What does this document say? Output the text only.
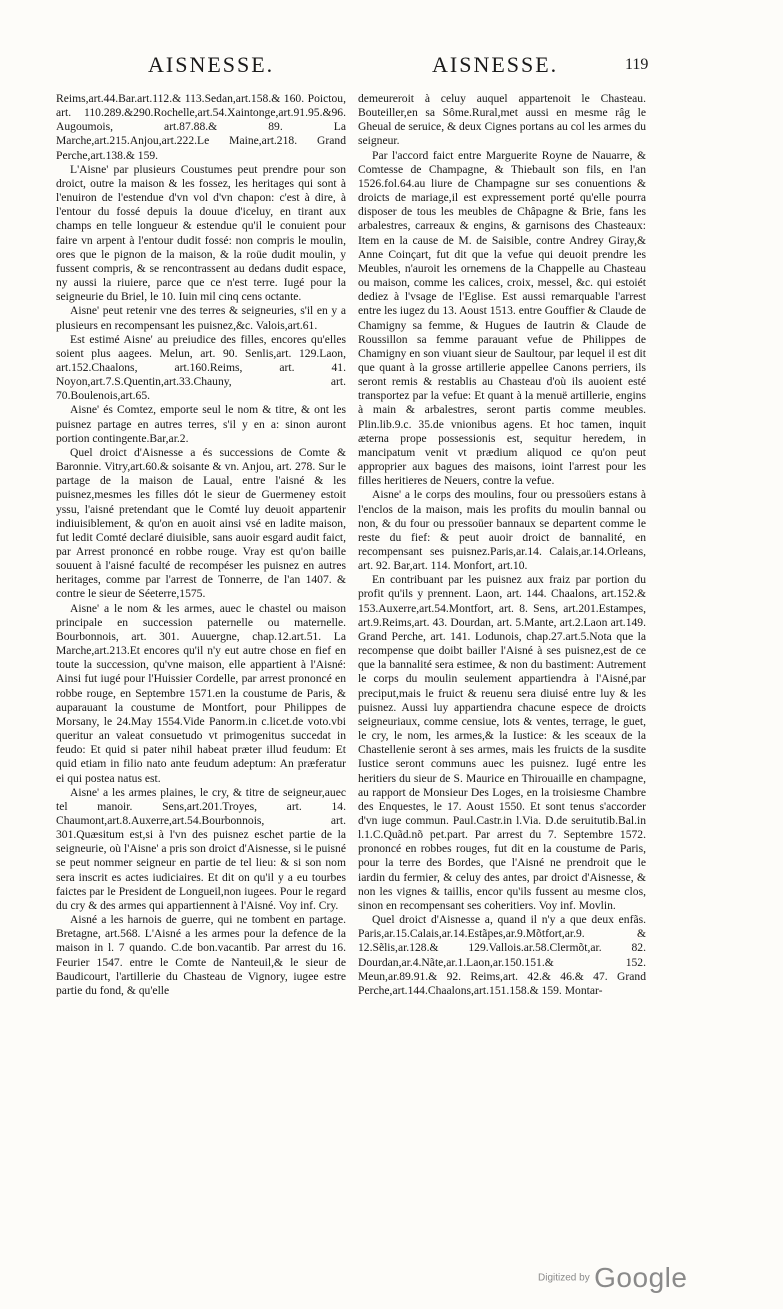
AISNESSE.	AISNESSE.	119

Reims,art.44.Bar.art.112.& 113.Sedan,art.158.& 160. Poictou, art. 110.289.&290.Rochelle,art.54.Xaintonge,art.91.95.&96. Augoumois, art.87.88.& 89. La Marche,art.215.Anjou,art.222.Le Maine,art.218. Grand Perche,art.138.& 159.

L'Aisne' par plusieurs Coustumes peut prendre pour son droict, outre la maison & les fossez, les heritages qui sont à l'enuiron de l'estendue d'vn vol d'vn chapon: c'est à dire, à l'entour du fossé depuis la douue d'iceluy, en tirant aux champs en telle longueur & estendue qu'il le conuient pour faire vn arpent à l'entour dudit fossé: non compris le moulin, ores que le pignon de la maison, & la roüe dudit moulin, y fussent compris, & se rencontrassent au dedans dudit espace, ny aussi la riuiere, parce que ce n'est terre. Iugé pour la seigneurie du Briel, le 10. Iuin mil cinq cens octante.

Aisne' peut retenir vne des terres & seigneuries, s'il en y a plusieurs en recompensant les puisnez,&c. Valois,art.61.

Est estimé Aisne' au preiudice des filles, encores qu'elles soient plus aagees. Melun, art. 90. Senlis,art. 129.Laon, art.152.Chaalons, art.160.Reims, art. 41. Noyon,art.7.S.Quentin,art.33.Chauny, art. 70.Boulenois,art.65.

Aisne' és Comtez, emporte seul le nom & titre, & ont les puisnez partage en autres terres, s'il y en a: sinon auront portion contingente.Bar,ar.2.

Quel droict d'Aisnesse a és successions de Comte & Baronnie. Vitry,art.60.& soisante & vn. Anjou, art. 278. Sur le partage de la maison de Laual, entre l'aisné & les puisnez,mesmes les filles dót le sieur de Guermeney estoit yssu, l'aisné pretendant que le Comté luy deuoit appartenir indiuisiblement, & qu'on en auoit ainsi vsé en ladite maison, fut ledit Comté declaré diuisible, sans auoir esgard audit faict, par Arrest prononcé en robbe rouge. Vray est qu'on baille souuent à l'aisné faculté de recompéser les puisnez en autres heritages, comme par l'arrest de Tonnerre, de l'an 1407. & contre le sieur de Séeterre,1575.

Aisne' a le nom & les armes, auec le chastel ou maison principale en succession paternelle ou maternelle. Bourbonnois, art. 301. Auuergne, chap.12.art.51. La Marche,art.213.Et encores qu'il n'y eut autre chose en fief en toute la succession, qu'vne maison, elle appartient à l'Aisné: Ainsi fut iugé pour l'Huissier Cordelle, par arrest prononcé en robbe rouge, en Septembre 1571.en la coustume de Paris, & auparauant la coustume de Montfort, pour Philippes de Morsany, le 24.May 1554.Vide Panorm.in c.licet.de voto.vbi queritur an valeat consuetudo vt primogenitus succedat in feudo: Et quid si pater nihil habeat præter illud feudum: Et quid etiam in filio nato ante feudum adeptum: An præferatur ei qui postea natus est.

Aisne' a les armes plaines, le cry, & titre de seigneur,auec tel manoir. Sens,art.201.Troyes, art. 14. Chaumont,art.8.Auxerre,art.54.Bourbonnois, art. 301.Quæsitum est,si à l'vn des puisnez eschet partie de la seigneurie, où l'Aisne' a pris son droict d'Aisnesse, si le puisné se peut nommer seigneur en partie de tel lieu: & si son nom sera inscrit es actes iudiciaires. Et dit on qu'il y a eu tourbes faictes par le President de Longueil,non iugees. Pour le regard du cry & des armes qui appartiennent à l'Aisné. Voy inf. Cry.

Aisné a les harnois de guerre, qui ne tombent en partage. Bretagne, art.568. L'Aisné a les armes pour la defence de la maison in l. 7 quando. C.de bon.vacantib. Par arrest du 16. Feurier 1547. entre le Comte de Nanteuil,& le sieur de Baudicourt, l'artillerie du Chasteau de Vignory, iugee estre partie du fond, & qu'elle

demeureroit à celuy auquel appartenoit le Chasteau. Bouteiller,en sa Sôme.Rural,met aussi en mesme râg le Gheual de seruice, & deux Cignes portans au col les armes du seigneur.

Par l'accord faict entre Marguerite Royne de Nauarre, & Comtesse de Champagne, & Thiebault son fils, en l'an 1526.fol.64.au liure de Champagne sur ses conuentions & droicts de mariage,il est expressement porté qu'elle pourra disposer de tous les meubles de Châpagne & Brie, fans les arbalestres, carreaux & engins, & garnisons des Chasteaux: Item en la cause de M. de Saisible, contre Andrey Giray,& Anne Coinçart, fut dit que la vefue qui deuoit prendre les Meubles, n'auroit les ornemens de la Chappelle au Chasteau ou maison, comme les calices, croix, messel, &c. qui estoiét dediez à l'vsage de l'Eglise. Est aussi remarquable l'arrest entre les iugez du 13. Aoust 1513. entre Gouffier & Claude de Chamigny sa femme, & Hugues de Iautrin & Claude de Roussillon sa femme parauant vefue de Philippes de Chamigny en son viuant sieur de Saultour, par lequel il est dit que quant à la grosse artillerie appellee Canons perriers, ils seront remis & restablis au Chasteau d'où ils auoient esté transportez par la vefue: Et quant à la menuë artillerie, engins à main & arbalestres, seront partis comme meubles. Plin.lib.9.c. 35.de vnionibus agens. Et hoc tamen, inquit æterna prope possessionis est, sequitur heredem, in mancipatum venit vt prædium aliquod ce qu'on peut approprier aux bagues des maisons, ioint l'arrest pour les filles heritieres de Neuers, contre la vefue.

Aisne' a le corps des moulins, four ou pressoüers estans à l'enclos de la maison, mais les profits du moulin bannal ou non, & du four ou pressoüer bannaux se departent comme le reste du fief: & peut auoir droict de bannalité, en recompensant ses puisnez.Paris,ar.14. Calais,ar.14.Orleans, art. 92. Bar,art. 114. Monfort, art.10.

En contribuant par les puisnez aux fraiz par portion du profit qu'ils y prennent. Laon, art. 144. Chaalons, art.152.& 153.Auxerre,art.54.Montfort, art. 8. Sens, art.201.Estampes, art.9.Reims,art. 43. Dourdan, art. 5.Mante, art.2.Laon art.149. Grand Perche, art. 141. Lodunois, chap.27.art.5.Nota que la recompense que doibt bailler l'Aisné à ses puisnez,est de ce que la bannalité sera estimee, & non du bastiment: Autrement le corps du moulin seulement appartiendra à l'Aisné,par preciput,mais le fruict & reuenu sera diuisé entre luy & les puisnez. Aussi luy appartiendra chacune espece de droicts seigneuriaux, comme censiue, lots & ventes, terrage, le guet, le cry, le nom, les armes,& la Iustice: & les sceaux de la Chastellenie seront à ses armes, mais les fruicts de la susdite Iustice seront communs auec les puisnez. Iugé entre les heritiers du sieur de S. Maurice en Thirouaille en champagne, au rapport de Monsieur Des Loges, en la troisiesme Chambre des Enquestes, le 17. Aoust 1550. Et sont tenus s'accorder d'vn iuge commun. Paul.Castr.in l.Via. D.de seruitutib.Bal.in l.1.C.Quãd.nõ pet.part. Par arrest du 7. Septembre 1572. prononcé en robbes rouges, fut dit en la coustume de Paris, pour la terre des Bordes, que l'Aisné ne prendroit que le iardin du fermier, & celuy des antes, par droict d'Aisnesse, & non les vignes & taillis, encor qu'ils fussent au mesme clos, sinon en recompensant ses coheritiers. Voy inf. Movlin.

Quel droict d'Aisnesse a, quand il n'y a que deux enfãs. Paris,ar.15.Calais,ar.14.Estãpes,ar.9.Mõtfort,ar.9. & 12.Sẽlis,ar.128.& 129.Vallois.ar.58.Clermõt,ar. 82. Dourdan,ar.4.Nãte,ar.1.Laon,ar.150.151.& 152. Meun,ar.89.91.& 92. Reims,art. 42.& 46.& 47. Grand Perche,art.144.Chaalons,art.151.158.& 159. Montar-

Digitized by Google
